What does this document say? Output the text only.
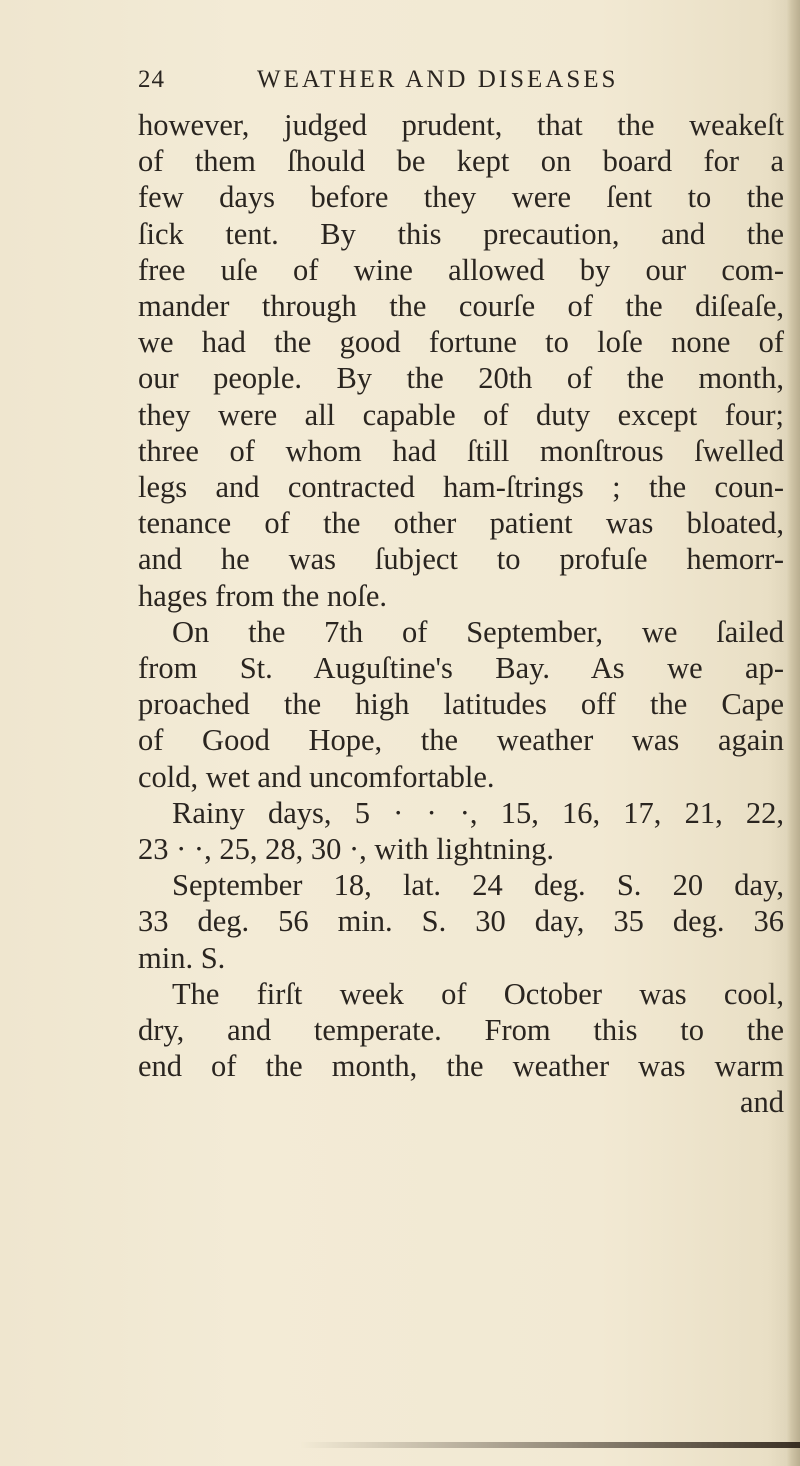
24	WEATHER AND DISEASES
however, judged prudent, that the weakeſt
of them ſhould be kept on board for a
few days before they were ſent to the
ſick tent. By this precaution, and the
free uſe of wine allowed by our com-
mander through the courſe of the diſeaſe,
we had the good fortune to loſe none of
our people. By the 20th of the month,
they were all capable of duty except four;
three of whom had ſtill monſtrous ſwelled
legs and contracted ham-ſtrings ; the coun-
tenance of the other patient was bloated,
and he was ſubject to profuſe hemorr-
hages from the noſe.
On the 7th of September, we ſailed
from St. Auguſtine's Bay. As we ap-
proached the high latitudes off the Cape
of Good Hope, the weather was again
cold, wet and uncomfortable.
Rainy days, 5 · · ·, 15, 16, 17, 21, 22,
23 · ·, 25, 28, 30 ·, with lightning.
September 18, lat. 24 deg. S. 20 day,
33 deg. 56 min. S. 30 day, 35 deg. 36
min. S.
The firſt week of October was cool,
dry, and temperate. From this to the
end of the month, the weather was warm
and
